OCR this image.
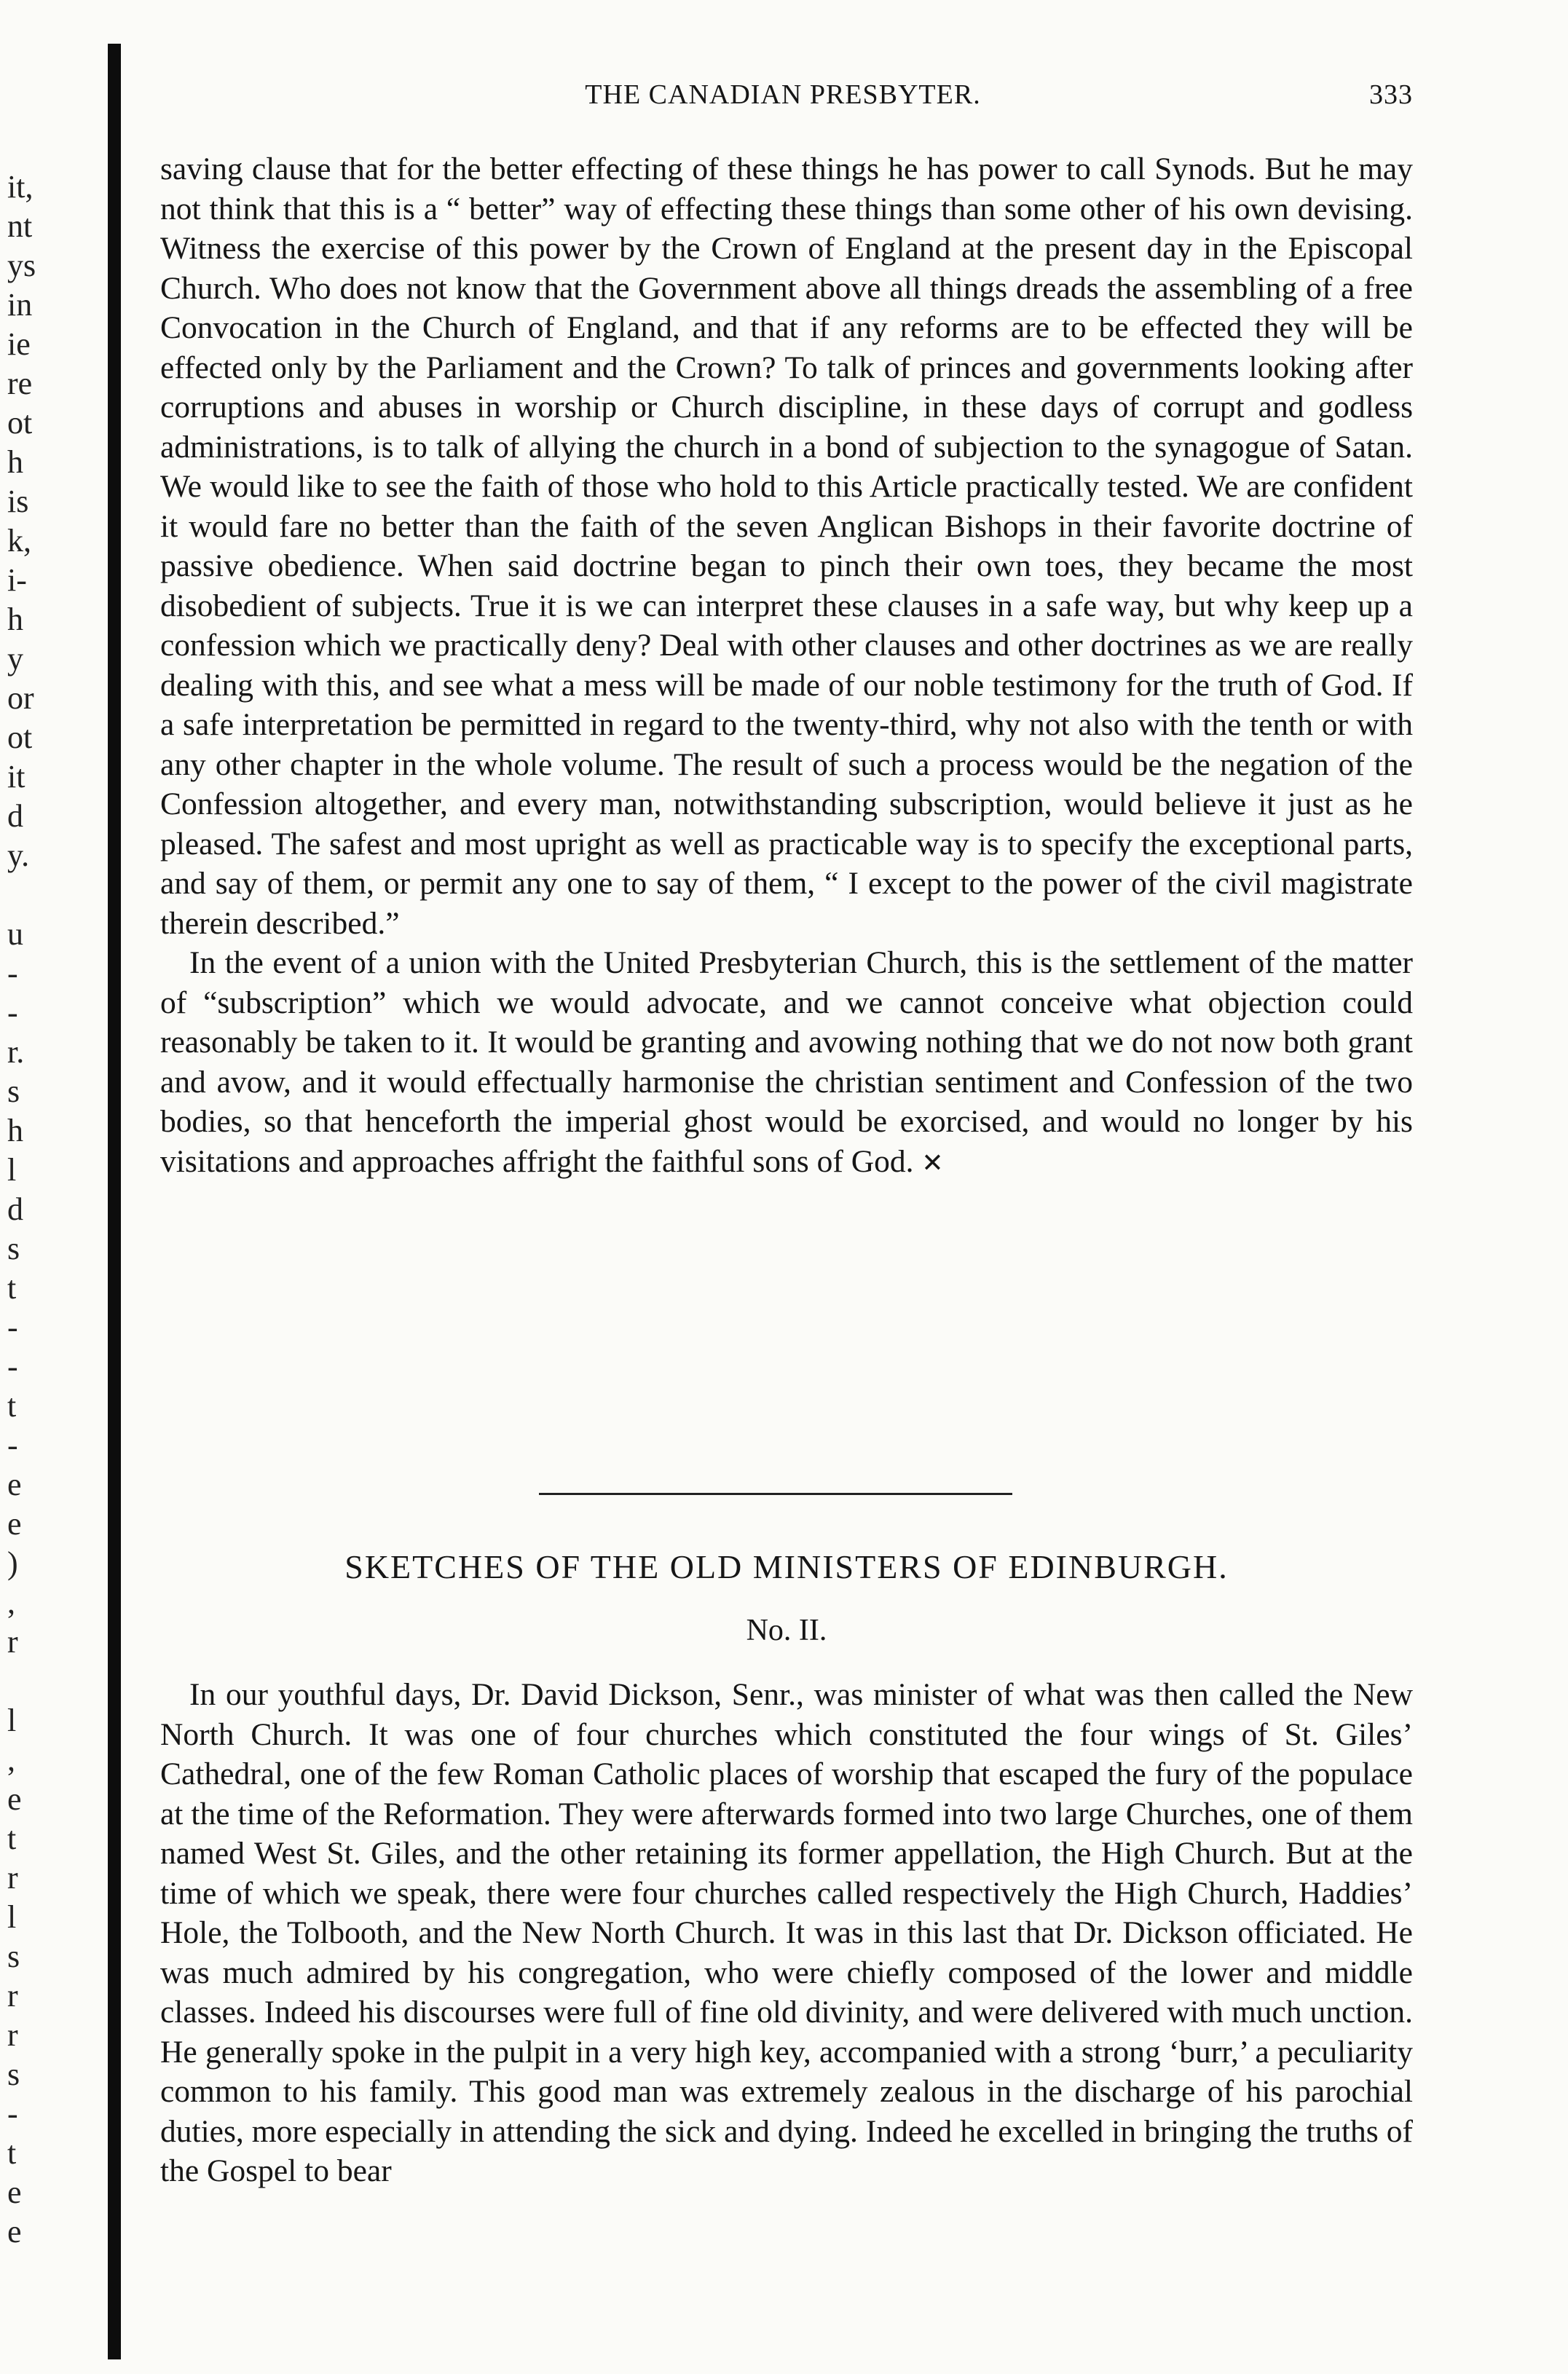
it,
nt
ys
in
ie
re
ot
h
is
k,
i-
h
y
or
ot
it
d
y.

u
-
-
r.
s
h
l
d
s
t
-
-
t
-
e
e
)
,
r

l
,
e
t
r
l
s
r
r
s
-
t
e
e
THE CANADIAN PRESBYTER.	333

saving clause that for the better effecting of these things he has power to call Synods. But he may not think that this is a “ better” way of effecting these things than some other of his own devising. Witness the exercise of this power by the Crown of England at the present day in the Episcopal Church. Who does not know that the Government above all things dreads the assembling of a free Convocation in the Church of England, and that if any reforms are to be effected they will be effected only by the Parliament and the Crown? To talk of princes and governments looking after corruptions and abuses in worship or Church discipline, in these days of corrupt and godless administrations, is to talk of allying the church in a bond of subjection to the synagogue of Satan. We would like to see the faith of those who hold to this Article practically tested. We are confident it would fare no better than the faith of the seven Anglican Bishops in their favorite doctrine of passive obedience. When said doctrine began to pinch their own toes, they became the most disobedient of subjects. True it is we can interpret these clauses in a safe way, but why keep up a confession which we practically deny? Deal with other clauses and other doctrines as we are really dealing with this, and see what a mess will be made of our noble testimony for the truth of God. If a safe interpretation be permitted in regard to the twenty-third, why not also with the tenth or with any other chapter in the whole volume. The result of such a process would be the negation of the Confession altogether, and every man, notwithstanding subscription, would believe it just as he pleased. The safest and most upright as well as practicable way is to specify the exceptional parts, and say of them, or permit any one to say of them, “ I except to the power of the civil magistrate therein described.”

In the event of a union with the United Presbyterian Church, this is the settlement of the matter of “subscription” which we would advocate, and we cannot conceive what objection could reasonably be taken to it. It would be granting and avowing nothing that we do not now both grant and avow, and it would effectually harmonise the christian sentiment and Confession of the two bodies, so that henceforth the imperial ghost would be exorcised, and would no longer by his visitations and approaches affright the faithful sons of God. ✕

SKETCHES OF THE OLD MINISTERS OF EDINBURGH.
No. II.

In our youthful days, Dr. David Dickson, Senr., was minister of what was then called the New North Church. It was one of four churches which constituted the four wings of St. Giles’ Cathedral, one of the few Roman Catholic places of worship that escaped the fury of the populace at the time of the Reformation. They were afterwards formed into two large Churches, one of them named West St. Giles, and the other retaining its former appellation, the High Church. But at the time of which we speak, there were four churches called respectively the High Church, Haddies’ Hole, the Tolbooth, and the New North Church. It was in this last that Dr. Dickson officiated. He was much admired by his congregation, who were chiefly composed of the lower and middle classes. Indeed his discourses were full of fine old divinity, and were delivered with much unction. He generally spoke in the pulpit in a very high key, accompanied with a strong ‘burr,’ a peculiarity common to his family. This good man was extremely zealous in the discharge of his parochial duties, more especially in attending the sick and dying. Indeed he excelled in bringing the truths of the Gospel to bear
